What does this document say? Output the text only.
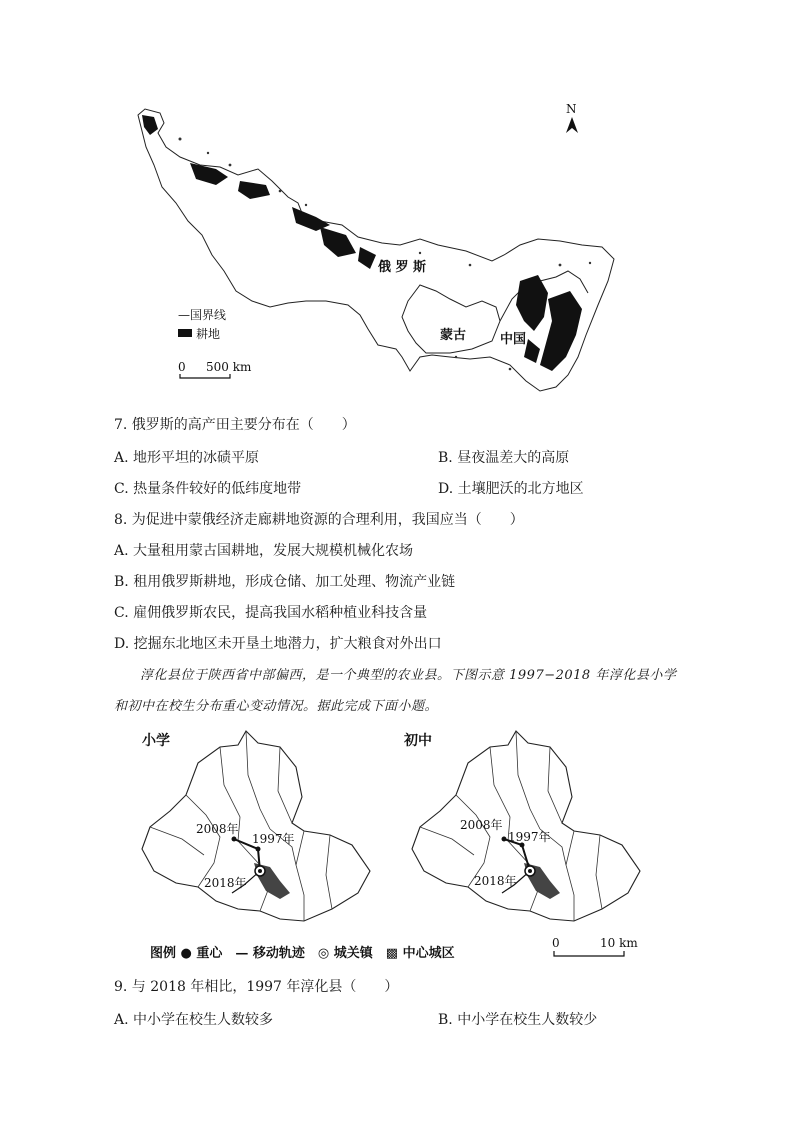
N
俄 罗 斯
蒙古	中国
—国界线
耕地
0 500 km
7. 俄罗斯的高产田主要分布在（　　）
A. 地形平坦的冰碛平原	B. 昼夜温差大的高原
C. 热量条件较好的低纬度地带	D. 土壤肥沃的北方地区
8. 为促进中蒙俄经济走廊耕地资源的合理利用，我国应当（　　）
A. 大量租用蒙古国耕地，发展大规模机械化农场
B. 租用俄罗斯耕地，形成仓储、加工处理、物流产业链
C. 雇佣俄罗斯农民，提高我国水稻种植业科技含量
D. 挖掘东北地区未开垦土地潜力，扩大粮食对外出口
淳化县位于陕西省中部偏西，是一个典型的农业县。下图示意 1997−2018 年淳化县小学
和初中在校生分布重心变动情况。据此完成下面小题。
小学
2008年
1997年
2018年
初中
2008年
1997年
2018年
图例 ● 重心　— 移动轨迹　◎ 城关镇　▩ 中心城区
0	10 km
9. 与 2018 年相比，1997 年淳化县（　　）
A. 中小学在校生人数较多	B. 中小学在校生人数较少
